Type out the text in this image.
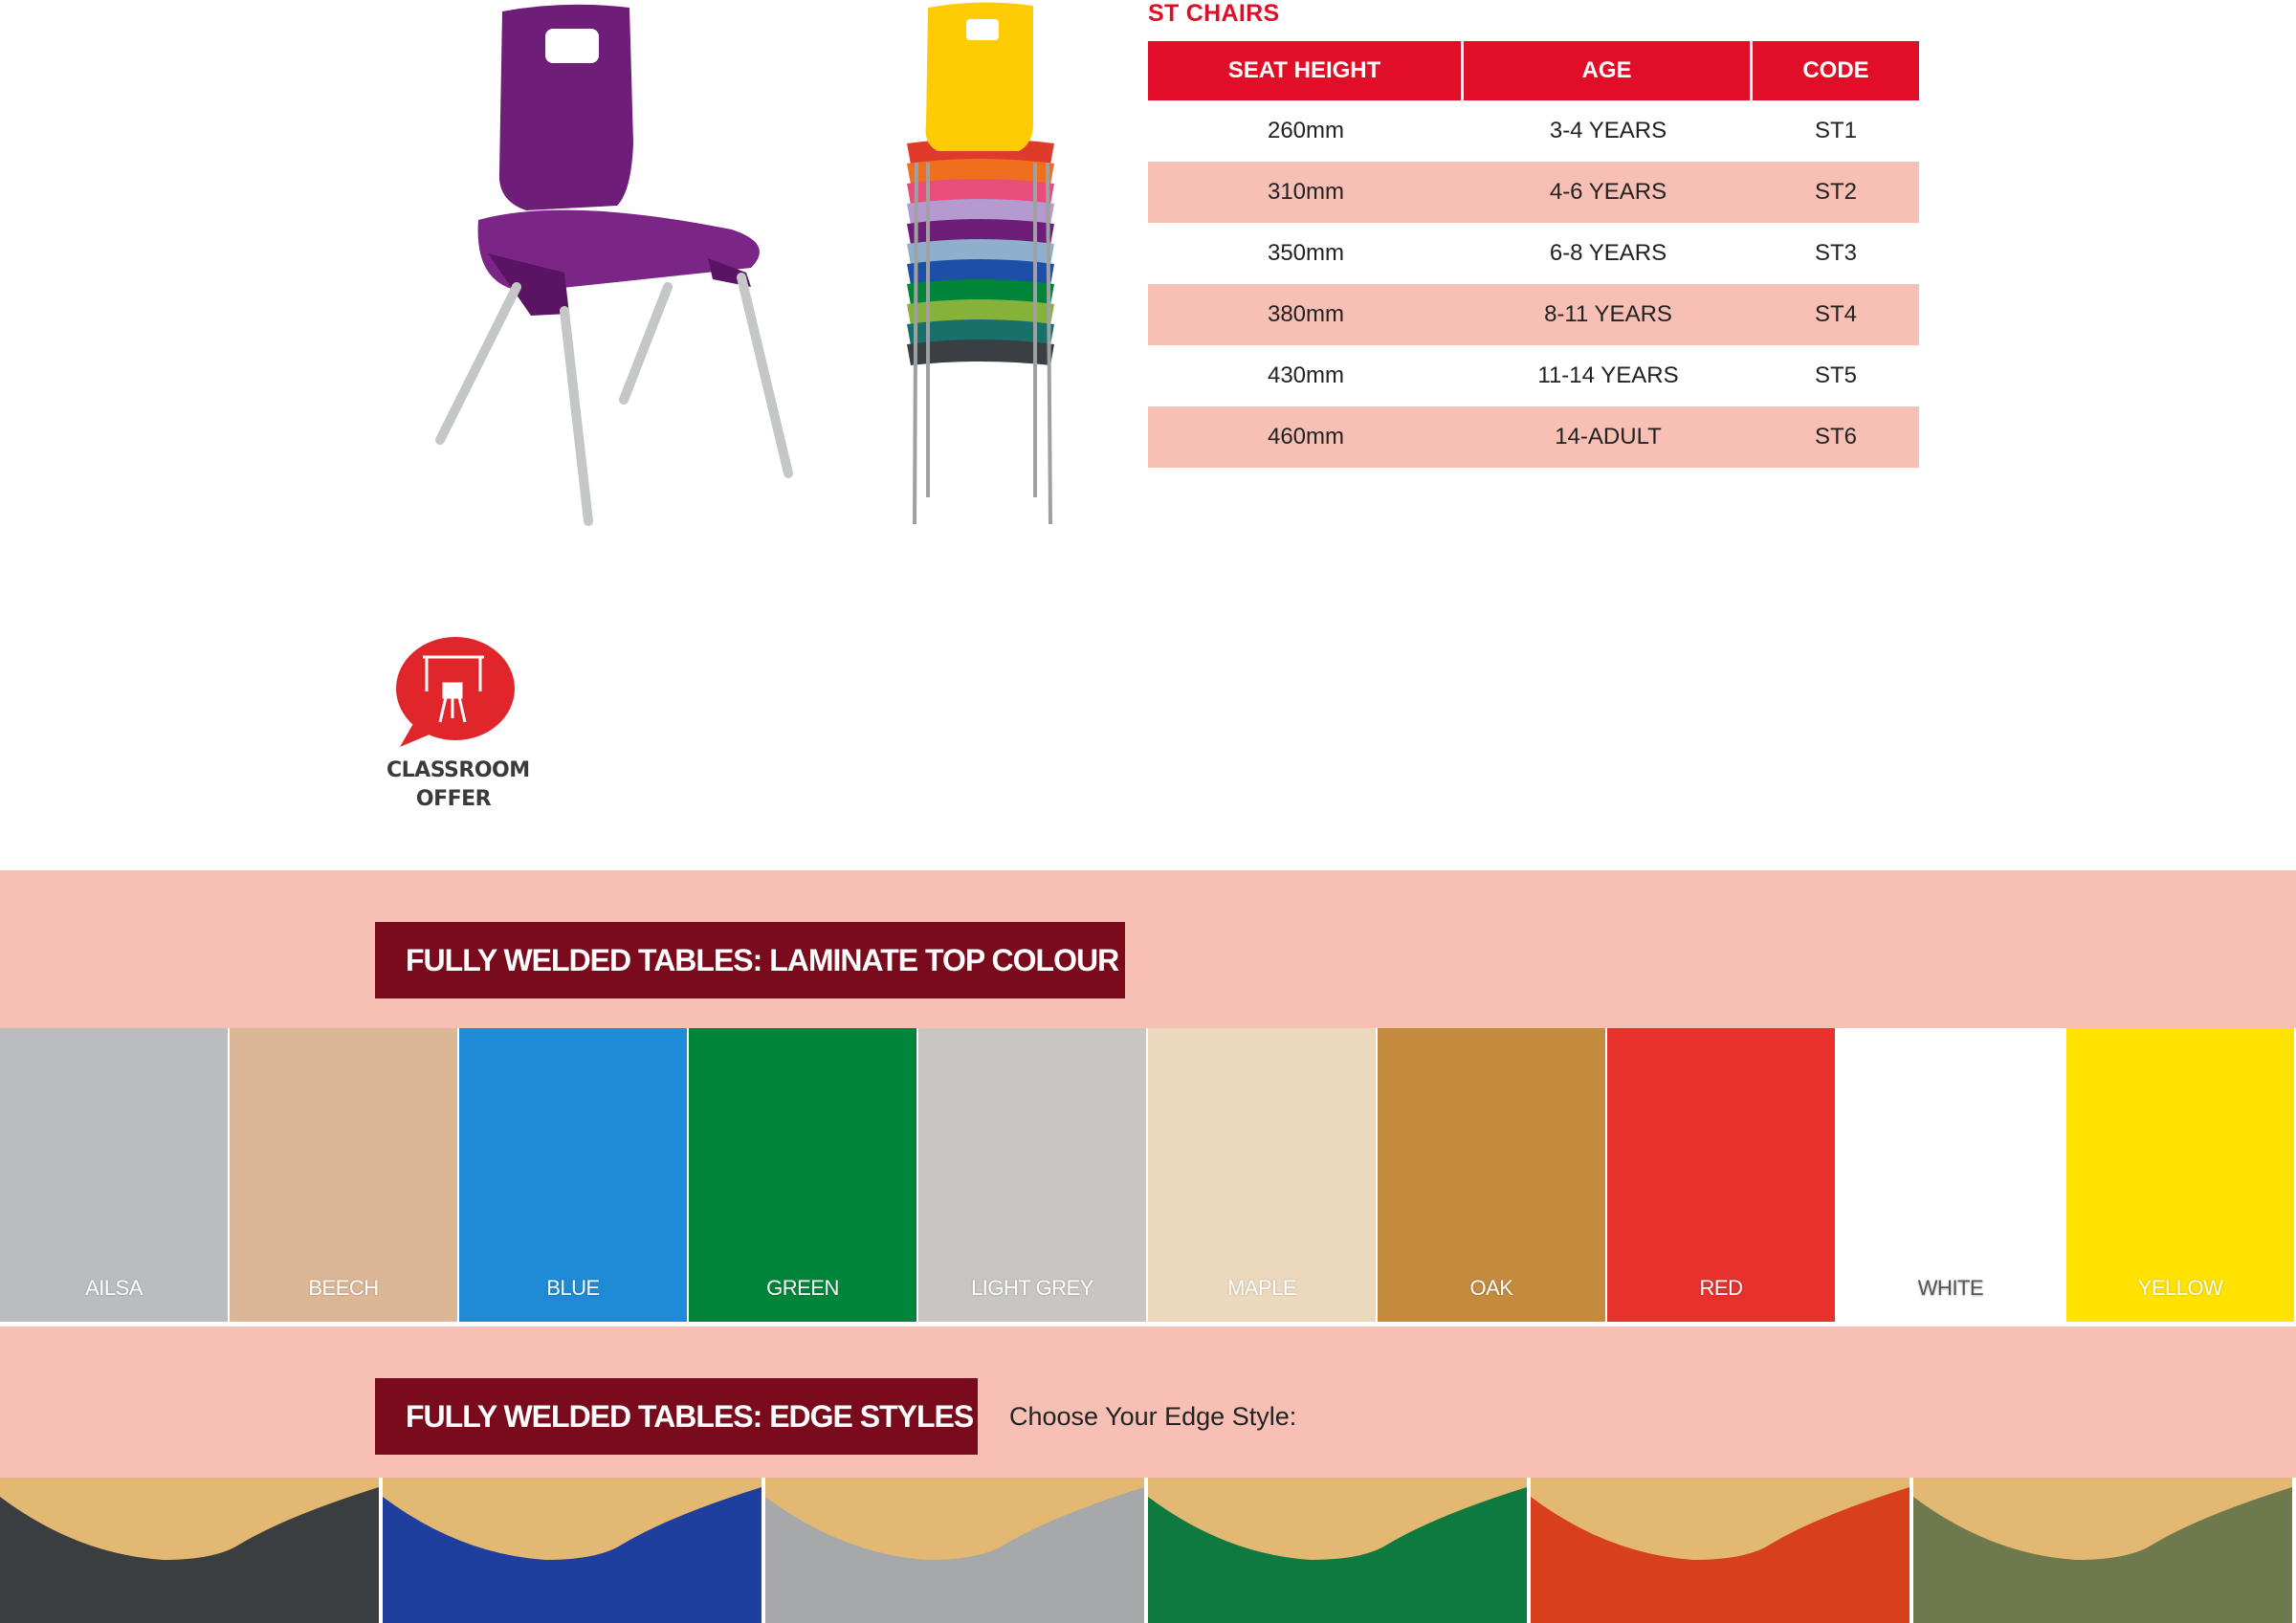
ST CHAIRS
SEAT HEIGHT	AGE	CODE
260mm	3-4 YEARS	ST1
310mm	4-6 YEARS	ST2
350mm	6-8 YEARS	ST3
380mm	8-11 YEARS	ST4
430mm	11-14 YEARS	ST5
460mm	14-ADULT	ST6
CLASSROOM
OFFER
FULLY WELDED TABLES: LAMINATE TOP COLOUR
AILSA	BEECH	BLUE	GREEN	LIGHT GREY	MAPLE	OAK	RED	WHITE	YELLOW
FULLY WELDED TABLES: EDGE STYLES Choose Your Edge Style:
